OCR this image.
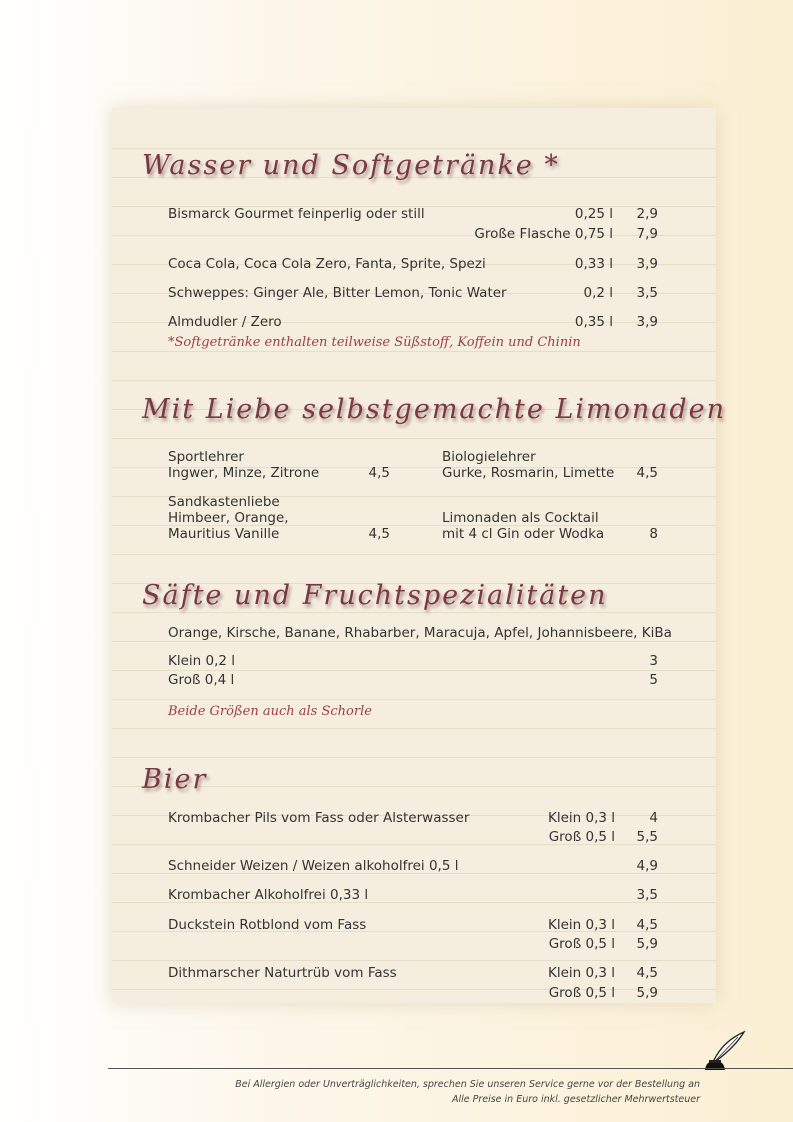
Wasser und Softgetränke *
Bismarck Gourmet feinperlig oder still	0,25 l 2,9
Große Flasche 0,75 l 7,9
Coca Cola, Coca Cola Zero, Fanta, Sprite, Spezi	0,33 l 3,9
Schweppes: Ginger Ale, Bitter Lemon, Tonic Water	0,2 l 3,5
Almdudler / Zero	0,35 l 3,9
*Softgetränke enthalten teilweise Süßstoff, Koffein und Chinin
Mit Liebe selbstgemachte Limonaden
Sportlehrer
Ingwer, Minze, Zitrone	4,5
Biologielehrer
Gurke, Rosmarin, Limette 4,5
Sandkastenliebe
Himbeer, Orange,
Mauritius Vanille	4,5
Limonaden als Cocktail
mit 4 cl Gin oder Wodka	8
Säfte und Fruchtspezialitäten
Orange, Kirsche, Banane, Rhabarber, Maracuja, Apfel, Johannisbeere, KiBa
Klein 0,2 l	3
Groß 0,4 l	5
Beide Größen auch als Schorle
Bier
Krombacher Pils vom Fass oder Alsterwasser	Klein 0,3 l	4
Groß 0,5 l 5,5
Schneider Weizen / Weizen alkoholfrei 0,5 l	4,9
Krombacher Alkoholfrei 0,33 l	3,5
Duckstein Rotblond vom Fass	Klein 0,3 l 4,5
Groß 0,5 l 5,9
Dithmarscher Naturtrüb vom Fass	Klein 0,3 l 4,5
Groß 0,5 l 5,9
Bei Allergien oder Unverträglichkeiten, sprechen Sie unseren Service gerne vor der Bestellung an
Alle Preise in Euro inkl. gesetzlicher Mehrwertsteuer
